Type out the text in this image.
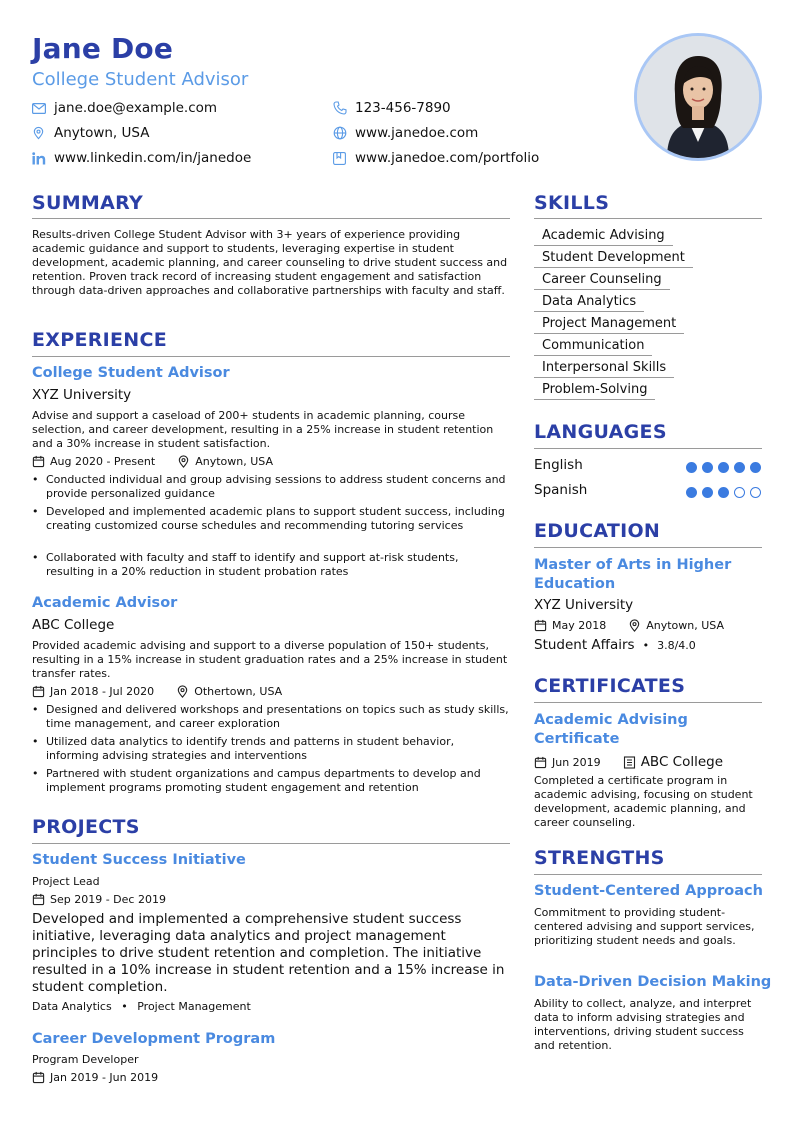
Jane Doe
College Student Advisor
jane.doe@example.com	123-456-7890
Anytown, USA	www.janedoe.com
www.linkedin.com/in/janedoe	www.janedoe.com/portfolio
SUMMARY
Results-driven College Student Advisor with 3+ years of experience providing academic guidance and support to students, leveraging expertise in student development, academic planning, and career counseling to drive student success and retention. Proven track record of increasing student engagement and satisfaction through data-driven approaches and collaborative partnerships with faculty and staff.
EXPERIENCE
College Student Advisor
XYZ University
Advise and support a caseload of 200+ students in academic planning, course selection, and career development, resulting in a 25% increase in student retention and a 30% increase in student satisfaction.
Aug 2020 - Present	Anytown, USA
• Conducted individual and group advising sessions to address student concerns and provide personalized guidance
• Developed and implemented academic plans to support student success, including creating customized course schedules and recommending tutoring services
• Collaborated with faculty and staff to identify and support at-risk students, resulting in a 20% reduction in student probation rates
Academic Advisor
ABC College
Provided academic advising and support to a diverse population of 150+ students, resulting in a 15% increase in student graduation rates and a 25% increase in student transfer rates.
Jan 2018 - Jul 2020	Othertown, USA
• Designed and delivered workshops and presentations on topics such as study skills, time management, and career exploration
• Utilized data analytics to identify trends and patterns in student behavior, informing advising strategies and interventions
• Partnered with student organizations and campus departments to develop and implement programs promoting student engagement and retention
PROJECTS
Student Success Initiative
Project Lead
Sep 2019 - Dec 2019
Developed and implemented a comprehensive student success initiative, leveraging data analytics and project management principles to drive student retention and completion. The initiative resulted in a 10% increase in student retention and a 15% increase in student completion.
Data Analytics • Project Management
Career Development Program
Program Developer
Jan 2019 - Jun 2019
SKILLS
Academic Advising
Student Development
Career Counseling
Data Analytics
Project Management
Communication
Interpersonal Skills
Problem-Solving
LANGUAGES
English
Spanish
EDUCATION
Master of Arts in Higher Education
XYZ University
May 2018	Anytown, USA
Student Affairs • 3.8/4.0
CERTIFICATES
Academic Advising Certificate
Jun 2019	ABC College
Completed a certificate program in academic advising, focusing on student development, academic planning, and career counseling.
STRENGTHS
Student-Centered Approach
Commitment to providing student-centered advising and support services, prioritizing student needs and goals.
Data-Driven Decision Making
Ability to collect, analyze, and interpret data to inform advising strategies and interventions, driving student success and retention.
